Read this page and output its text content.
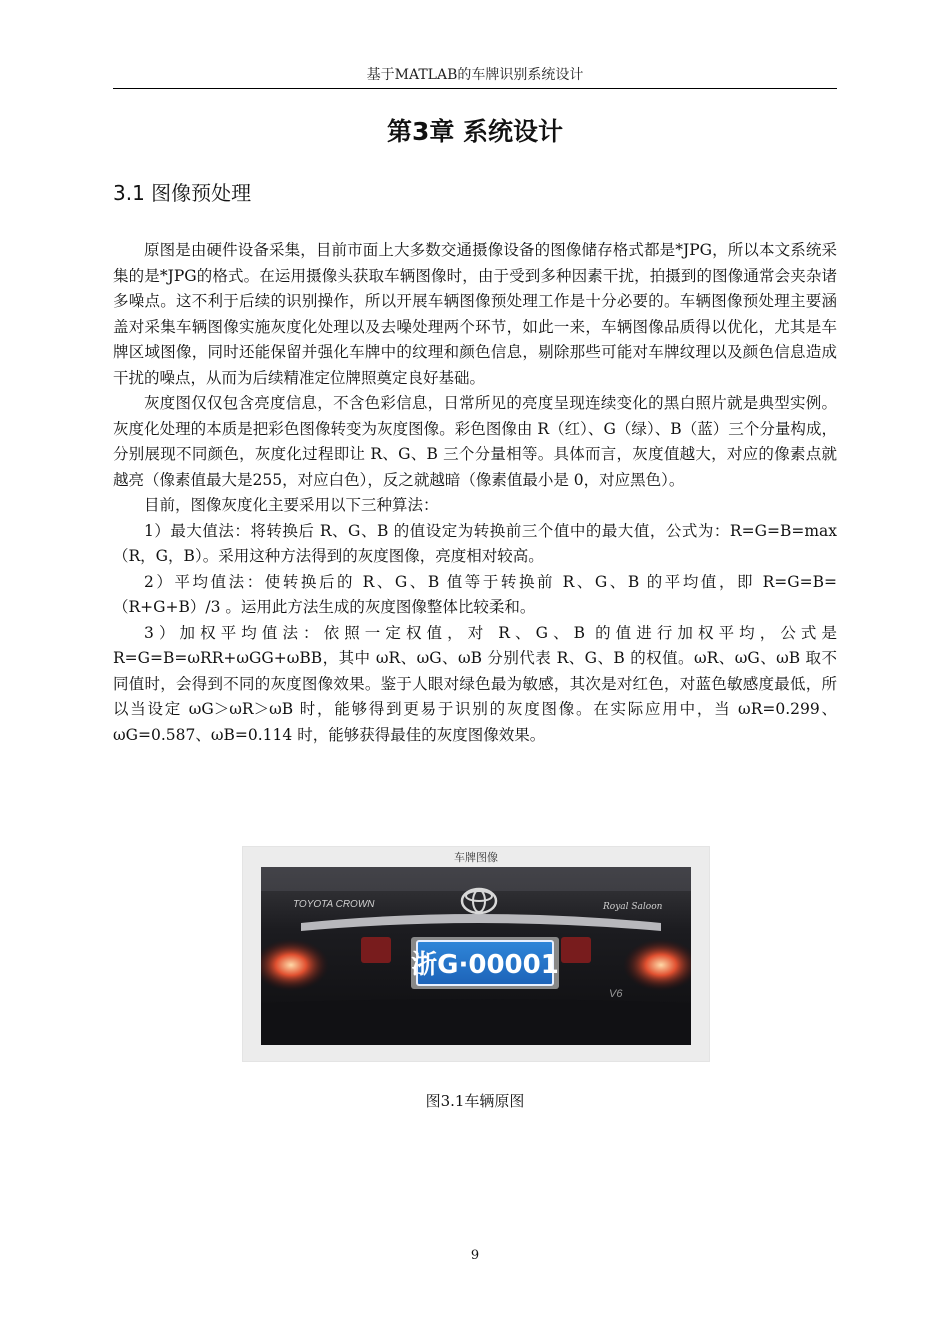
基于MATLAB的车牌识别系统设计
第3章 系统设计
3.1 图像预处理

原图是由硬件设备采集，目前市面上大多数交通摄像设备的图像储存格式都是*JPG，所以本文系统采集的是*JPG的格式。在运用摄像头获取车辆图像时，由于受到多种因素干扰，拍摄到的图像通常会夹杂诸多噪点。这不利于后续的识别操作，所以开展车辆图像预处理工作是十分必要的。车辆图像预处理主要涵盖对采集车辆图像实施灰度化处理以及去噪处理两个环节，如此一来，车辆图像品质得以优化，尤其是车牌区域图像，同时还能保留并强化车牌中的纹理和颜色信息，剔除那些可能对车牌纹理以及颜色信息造成干扰的噪点，从而为后续精准定位牌照奠定良好基础。

灰度图仅仅包含亮度信息，不含色彩信息，日常所见的亮度呈现连续变化的黑白照片就是典型实例。灰度化处理的本质是把彩色图像转变为灰度图像。彩色图像由 R（红）、G（绿）、B（蓝）三个分量构成，分别展现不同颜色，灰度化过程即让 R、G、B 三个分量相等。具体而言，灰度值越大，对应的像素点就越亮（像素值最大是255，对应白色），反之就越暗（像素值最小是 0，对应黑色）。

目前，图像灰度化主要采用以下三种算法：

1）最大值法：将转换后 R、G、B 的值设定为转换前三个值中的最大值，公式为：R=G=B=max（R，G，B）。采用这种方法得到的灰度图像，亮度相对较高。

2）平均值法：使转换后的 R、G、B 值等于转换前 R、G、B 的平均值，即 R=G=B=（R+G+B）/3 。运用此方法生成的灰度图像整体比较柔和。

3）加权平均值法：依照一定权值，对 R、G、B 的值进行加权平均，公式是R=G=B=ωRR+ωGG+ωBB，其中 ωR、ωG、ωB 分别代表 R、G、B 的权值。ωR、ωG、ωB 取不同值时，会得到不同的灰度图像效果。鉴于人眼对绿色最为敏感，其次是对红色，对蓝色敏感度最低，所以当设定 ωG＞ωR＞ωB 时，能够得到更易于识别的灰度图像。在实际应用中，当 ωR=0.299、ωG=0.587、ωB=0.114 时，能够获得最佳的灰度图像效果。

车牌图像
TOYOTA CROWN	Royal Saloon
浙G·00001
V6
图3.1车辆原图
9
